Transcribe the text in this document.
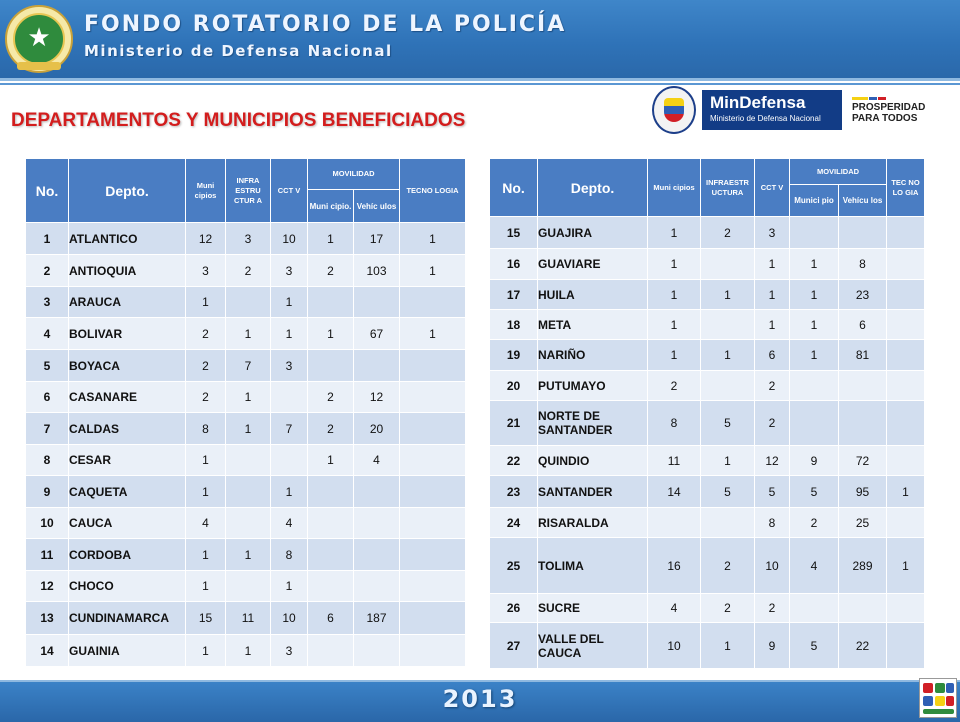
★	FONDO ROTATORIO DE LA POLICÍA
Ministerio de Defensa Nacional
DEPARTAMENTOS Y MUNICIPIOS BENEFICIADOS
MinDefensa
Ministerio de Defensa Nacional
PROSPERIDAD
PARA TODOS
No.	Depto.	Muni cipios	INFRA ESTRU CTUR A	CCT V	MOVILIDAD		TECNO LOGIA
					Muni cipio.	Vehíc ulos	
1	ATLANTICO	12	3	10	1	17	1
2	ANTIOQUIA	3	2	3	2	103	1
3	ARAUCA	1		1			
4	BOLIVAR	2	1	1	1	67	1
5	BOYACA	2	7	3			
6	CASANARE	2	1		2	12	
7	CALDAS	8	1	7	2	20	
8	CESAR	1			1	4	
9	CAQUETA	1		1			
10	CAUCA	4		4			
11	CORDOBA	1	1	8			
12	CHOCO	1		1			
13	CUNDINAMARCA	15	11	10	6	187	
14	GUAINIA	1	1	3			
No.	Depto.	Muni cipios	INFRAESTR UCTURA	CCT V	MOVILIDAD		TEC NO LO GIA
					Munici pio	Vehícu los	
15	GUAJIRA	1	2	3			
16	GUAVIARE	1		1	1	8	
17	HUILA	1	1	1	1	23	
18	META	1		1	1	6	
19	NARIÑO	1	1	6	1	81	
20	PUTUMAYO	2		2			
21	NORTE DE SANTANDER	8	5	2			
22	QUINDIO	11	1	12	9	72	
23	SANTANDER	14	5	5	5	95	1
24	RISARALDA			8	2	25	
25	TOLIMA	16	2	10	4	289	1
26	SUCRE	4	2	2			
27	VALLE DEL CAUCA	10	1	9	5	22	
2013
